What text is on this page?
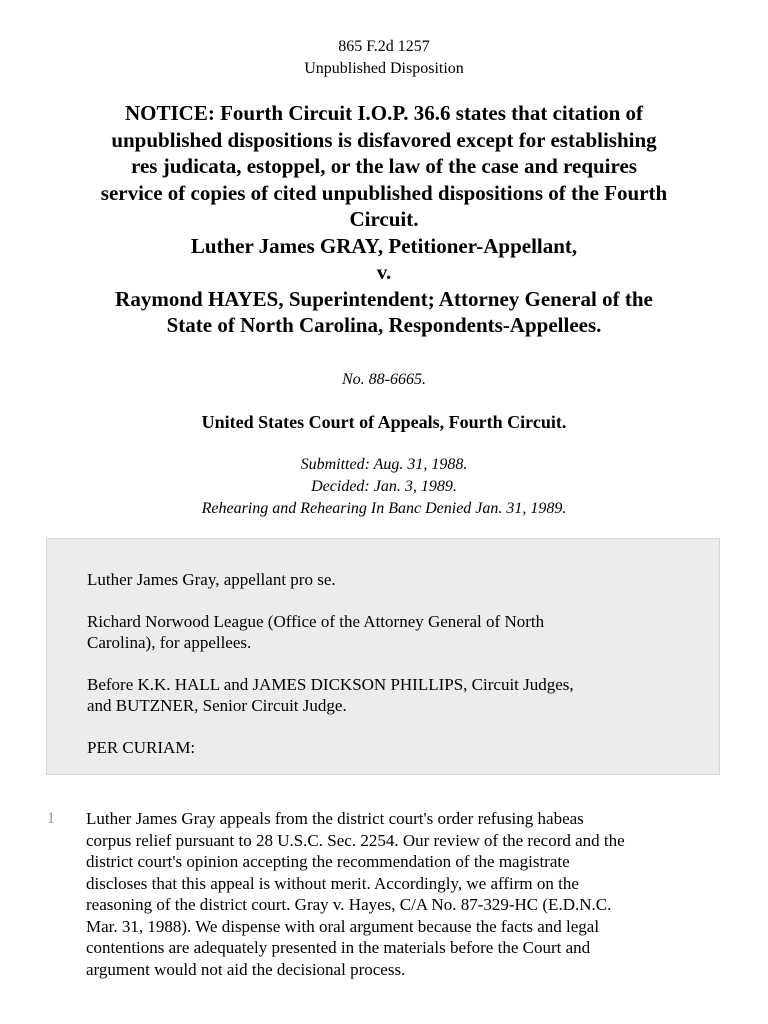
865 F.2d 1257
Unpublished Disposition
NOTICE: Fourth Circuit I.O.P. 36.6 states that citation of
unpublished dispositions is disfavored except for establishing
res judicata, estoppel, or the law of the case and requires
service of copies of cited unpublished dispositions of the Fourth
Circuit.
Luther James GRAY, Petitioner-Appellant,
v.
Raymond HAYES, Superintendent; Attorney General of the
State of North Carolina, Respondents-Appellees.
No. 88-6665.
United States Court of Appeals, Fourth Circuit.
Submitted: Aug. 31, 1988.
Decided: Jan. 3, 1989.
Rehearing and Rehearing In Banc Denied Jan. 31, 1989.
Luther James Gray, appellant pro se.
Richard Norwood League (Office of the Attorney General of North
Carolina), for appellees.
Before K.K. HALL and JAMES DICKSON PHILLIPS, Circuit Judges,
and BUTZNER, Senior Circuit Judge.
PER CURIAM:
1 Luther James Gray appeals from the district court's order refusing habeas
corpus relief pursuant to 28 U.S.C. Sec. 2254. Our review of the record and the
district court's opinion accepting the recommendation of the magistrate
discloses that this appeal is without merit. Accordingly, we affirm on the
reasoning of the district court. Gray v. Hayes, C/A No. 87-329-HC (E.D.N.C.
Mar. 31, 1988). We dispense with oral argument because the facts and legal
contentions are adequately presented in the materials before the Court and
argument would not aid the decisional process.
